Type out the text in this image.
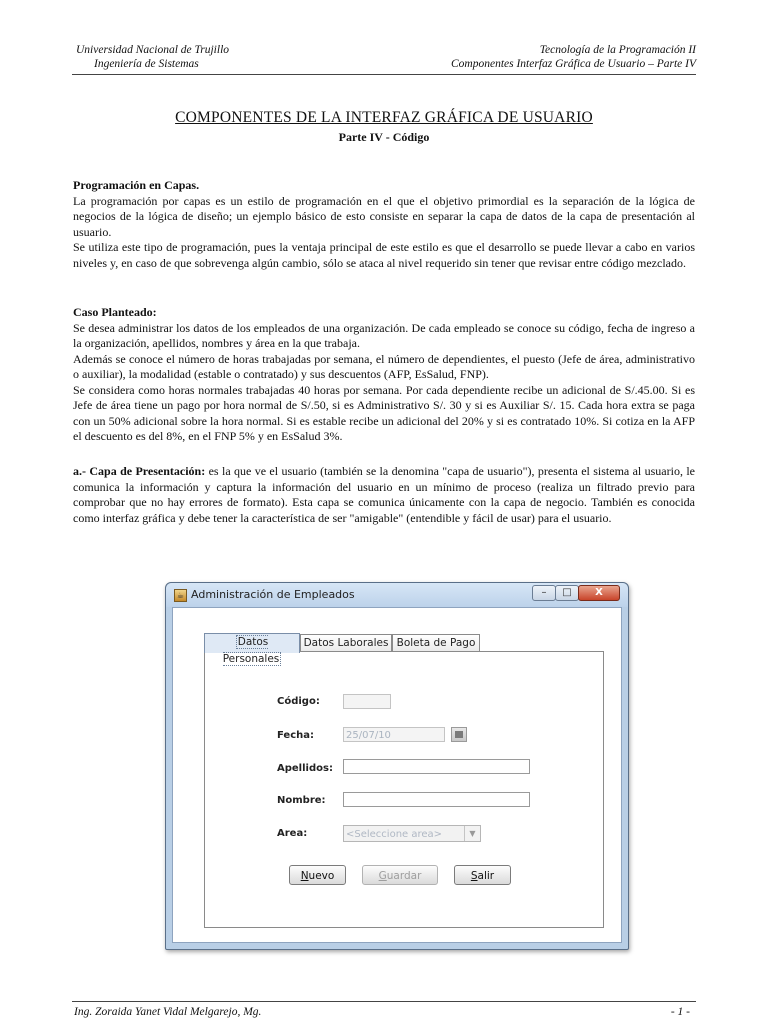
Universidad Nacional de Trujillo
Ingeniería de Sistemas
Tecnología de la Programación II
Componentes Interfaz Gráfica de Usuario – Parte IV
COMPONENTES DE LA INTERFAZ GRÁFICA DE USUARIO
Parte IV - Código

Programación en Capas.

La programación por capas es un estilo de programación en el que el objetivo primordial es la separación de la lógica de negocios de la lógica de diseño; un ejemplo básico de esto consiste en separar la capa de datos de la capa de presentación al usuario.

Se utiliza este tipo de programación, pues la ventaja principal de este estilo es que el desarrollo se puede llevar a cabo en varios niveles y, en caso de que sobrevenga algún cambio, sólo se ataca al nivel requerido sin tener que revisar entre código mezclado.

Caso Planteado:

Se desea administrar los datos de los empleados de una organización. De cada empleado se conoce su código, fecha de ingreso a la organización, apellidos, nombres y área en la que trabaja.

Además se conoce el número de horas trabajadas por semana, el número de dependientes, el puesto (Jefe de área, administrativo o auxiliar), la modalidad (estable o contratado) y sus descuentos (AFP, EsSalud, FNP).

Se considera como horas normales trabajadas 40 horas por semana. Por cada dependiente recibe un adicional de S/.45.00. Si es Jefe de área tiene un pago por hora normal de S/.50, si es Administrativo S/. 30 y si es Auxiliar S/. 15. Cada hora extra se paga con un 50% adicional sobre la hora normal. Si es estable recibe un adicional del 20% y si es contratado 10%. Si cotiza en la AFP el descuento es del 8%, en el FNP 5% y en EsSalud 3%.

a.- Capa de Presentación: es la que ve el usuario (también se la denomina "capa de usuario"), presenta el sistema al usuario, le comunica la información y captura la información del usuario en un mínimo de proceso (realiza un filtrado previo para comprobar que no hay errores de formato). Esta capa se comunica únicamente con la capa de negocio. También es conocida como interfaz gráfica y debe tener la característica de ser "amigable" (entendible y fácil de usar) para el usuario.

☕ Administración de Empleados	–	□	X
Datos Personales
Datos Laborales Boleta de Pago
Código:
Fecha:	25/07/10
Apellidos:
Nombre:
Area:	<Seleccione area>	▼
Nuevo	Guardar	Salir
Ing. Zoraida Yanet Vidal Melgarejo, Mg.	- 1 -
